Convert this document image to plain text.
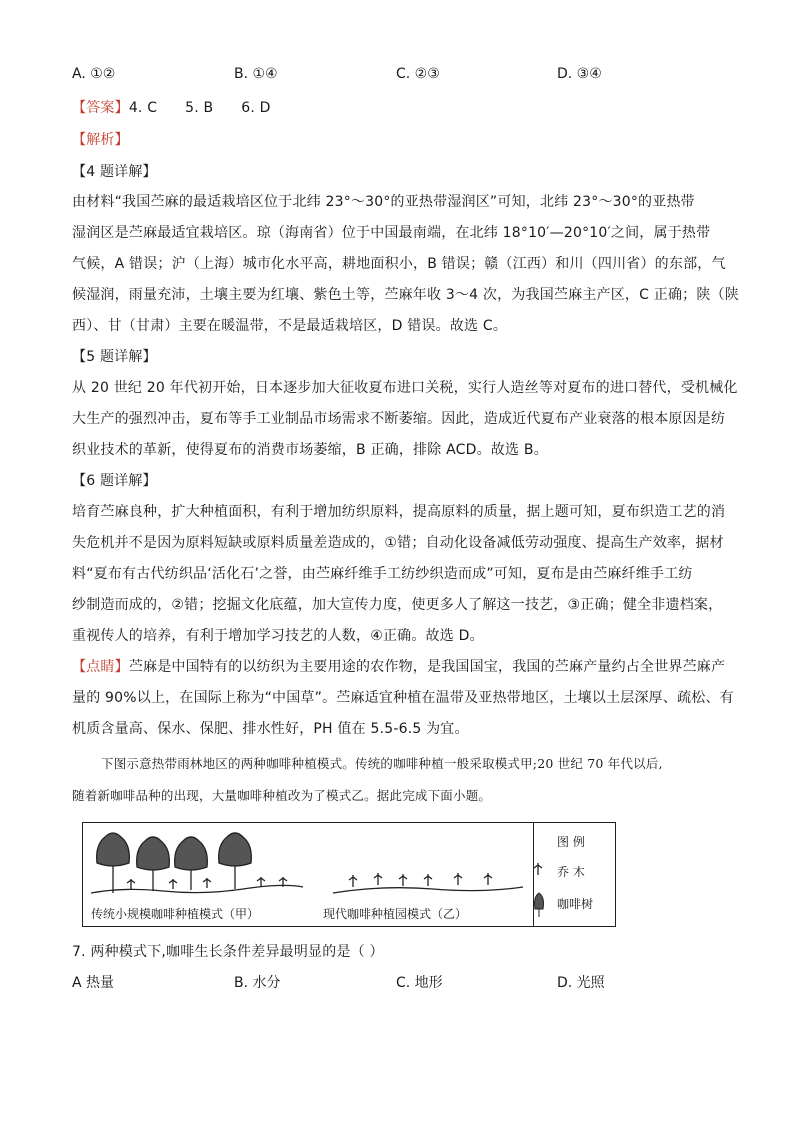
A. ①②	B. ①④	C. ②③	D. ③④
【答案】4. C      5. B      6. D
【解析】
【4 题详解】
由材料“我国苎麻的最适栽培区位于北纬 23°～30°的亚热带湿润区”可知，北纬 23°～30°的亚热带
湿润区是苎麻最适宜栽培区。琼（海南省）位于中国最南端，在北纬 18°10′—20°10′之间，属于热带
气候，A 错误；沪（上海）城市化水平高，耕地面积小，B 错误；赣（江西）和川（四川省）的东部，气
候湿润，雨量充沛，土壤主要为红壤、紫色土等，苎麻年收 3～4 次，为我国苎麻主产区，C 正确；陕（陕
西）、甘（甘肃）主要在暖温带，不是最适栽培区，D 错误。故选 C。
【5 题详解】
从 20 世纪 20 年代初开始，日本逐步加大征收夏布进口关税，实行人造丝等对夏布的进口替代，受机械化
大生产的强烈冲击，夏布等手工业制品市场需求不断萎缩。因此，造成近代夏布产业衰落的根本原因是纺
织业技术的革新，使得夏布的消费市场萎缩，B 正确，排除 ACD。故选 B。
【6 题详解】
培育苎麻良种，扩大种植面积，有利于增加纺织原料，提高原料的质量，据上题可知，夏布织造工艺的消
失危机并不是因为原料短缺或原料质量差造成的，①错；自动化设备减低劳动强度、提高生产效率，据材
料“夏布有古代纺织品‘活化石’之誉，由苎麻纤维手工纺纱织造而成”可知，夏布是由苎麻纤维手工纺
纱制造而成的，②错；挖掘文化底蕴，加大宣传力度，使更多人了解这一技艺，③正确；健全非遗档案，
重视传人的培养，有利于增加学习技艺的人数，④正确。故选 D。
【点睛】苎麻是中国特有的以纺织为主要用途的农作物，是我国国宝，我国的苎麻产量约占全世界苎麻产
量的 90%以上，在国际上称为“中国草”。苎麻适宜种植在温带及亚热带地区，土壤以土层深厚、疏松、有
机质含量高、保水、保肥、排水性好，PH 值在 5.5-6.5 为宜。
下图示意热带雨林地区的两种咖啡种植模式。传统的咖啡种植一般采取模式甲;20 世纪 70 年代以后,
随着新咖啡品种的出现，大量咖啡种植改为了模式乙。据此完成下面小题。
传统小规模咖啡种植模式（甲）	现代咖啡种植园模式（乙）
图 例
乔 木
咖啡树
7. 两种模式下,咖啡生长条件差异最明显的是（ ）
A 热量	B. 水分	C. 地形	D. 光照
